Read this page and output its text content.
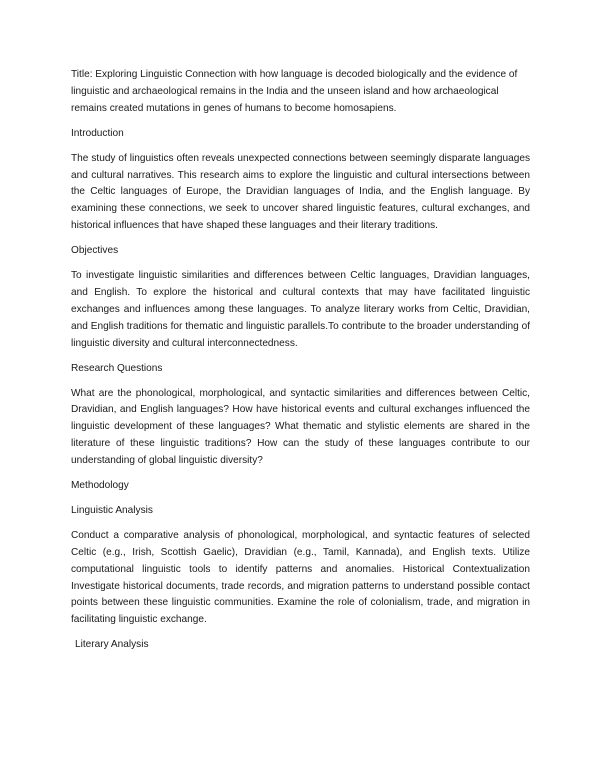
Title: Exploring Linguistic Connection with how language is decoded biologically and the evidence of linguistic and archaeological remains in the India and the unseen island and how archaeological remains created mutations in genes of humans to become homosapiens.

Introduction

The study of linguistics often reveals unexpected connections between seemingly disparate languages and cultural narratives. This research aims to explore the linguistic and cultural intersections between the Celtic languages of Europe, the Dravidian languages of India, and the English language. By examining these connections, we seek to uncover shared linguistic features, cultural exchanges, and historical influences that have shaped these languages and their literary traditions.

Objectives

To investigate linguistic similarities and differences between Celtic languages, Dravidian languages, and English. To explore the historical and cultural contexts that may have facilitated linguistic exchanges and influences among these languages. To analyze literary works from Celtic, Dravidian, and English traditions for thematic and linguistic parallels.To contribute to the broader understanding of linguistic diversity and cultural interconnectedness.

Research Questions

What are the phonological, morphological, and syntactic similarities and differences between Celtic, Dravidian, and English languages? How have historical events and cultural exchanges influenced the linguistic development of these languages? What thematic and stylistic elements are shared in the literature of these linguistic traditions? How can the study of these languages contribute to our understanding of global linguistic diversity?

Methodology

Linguistic Analysis

Conduct a comparative analysis of phonological, morphological, and syntactic features of selected Celtic (e.g., Irish, Scottish Gaelic), Dravidian (e.g., Tamil, Kannada), and English texts. Utilize computational linguistic tools to identify patterns and anomalies. Historical Contextualization Investigate historical documents, trade records, and migration patterns to understand possible contact points between these linguistic communities. Examine the role of colonialism, trade, and migration in facilitating linguistic exchange.

Literary Analysis
